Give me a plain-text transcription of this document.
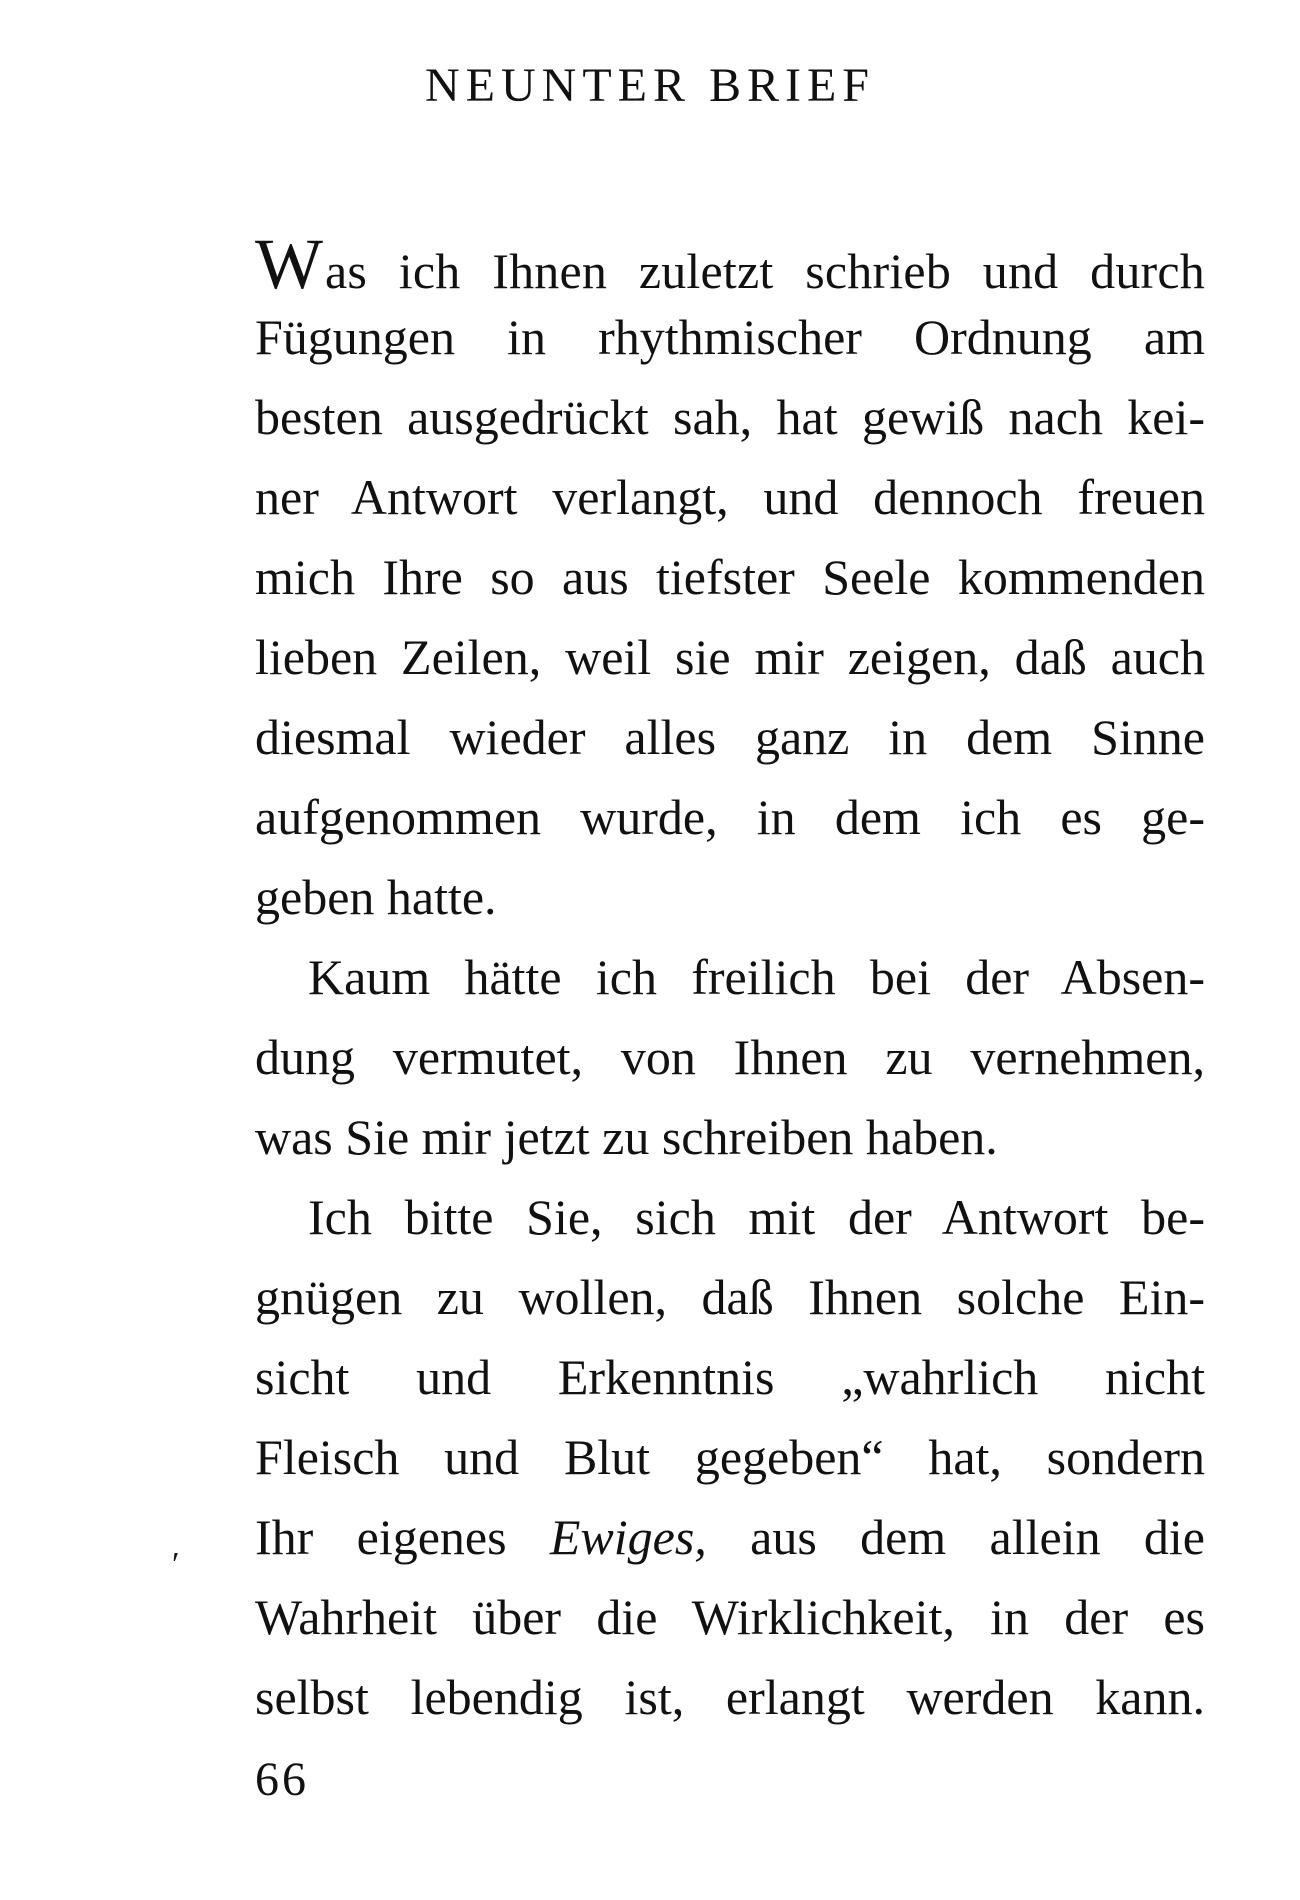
NEUNTER BRIEF
Was ich Ihnen zuletzt schrieb und durch
Fügungen in rhythmischer Ordnung am
besten ausgedrückt sah, hat gewiß nach kei-
ner Antwort verlangt, und dennoch freuen
mich Ihre so aus tiefster Seele kommenden
lieben Zeilen, weil sie mir zeigen, daß auch
diesmal wieder alles ganz in dem Sinne
aufgenommen wurde, in dem ich es ge-
geben hatte.
Kaum hätte ich freilich bei der Absen-
dung vermutet, von Ihnen zu vernehmen,
was Sie mir jetzt zu schreiben haben.
Ich bitte Sie, sich mit der Antwort be-
gnügen zu wollen, daß Ihnen solche Ein-
sicht und Erkenntnis „wahrlich nicht
Fleisch und Blut gegeben“ hat, sondern
Ihr eigenes Ewiges, aus dem allein die
Wahrheit über die Wirklichkeit, in der es
selbst lebendig ist, erlangt werden kann.
′
66
